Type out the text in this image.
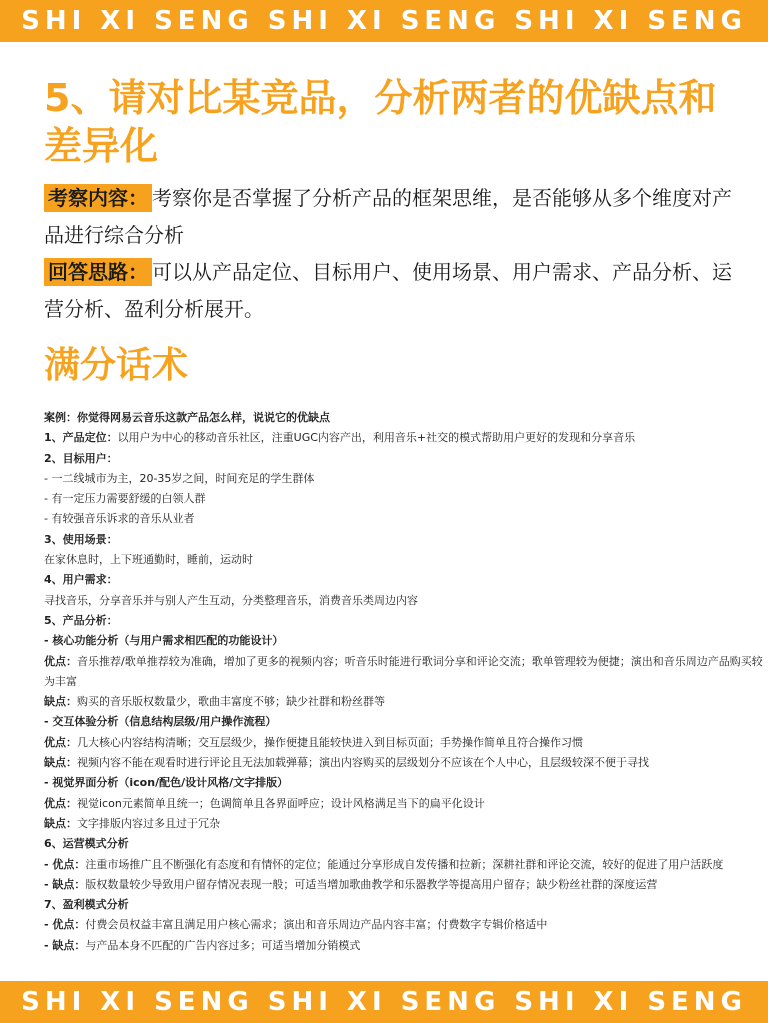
SHI XI SENG SHI XI SENG SHI XI SENG
5、请对比某竞品，分析两者的优缺点和差异化
考察内容： 考察你是否掌握了分析产品的框架思维，是否能够从多个维度对产品进行综合分析
回答思路： 可以从产品定位、目标用户、使用场景、用户需求、产品分析、运营分析、盈利分析展开。
满分话术
案例：你觉得网易云音乐这款产品怎么样，说说它的优缺点
1、产品定位：以用户为中心的移动音乐社区，注重UGC内容产出，利用音乐+社交的模式帮助用户更好的发现和分享音乐
2、目标用户：
- 一二线城市为主，20-35岁之间，时间充足的学生群体
- 有一定压力需要舒缓的白领人群
- 有较强音乐诉求的音乐从业者
3、使用场景：
在家休息时，上下班通勤时，睡前，运动时
4、用户需求：
寻找音乐，分享音乐并与别人产生互动，分类整理音乐，消费音乐类周边内容
5、产品分析：
- 核心功能分析（与用户需求相匹配的功能设计）
优点：音乐推荐/歌单推荐较为准确，增加了更多的视频内容；听音乐时能进行歌词分享和评论交流；歌单管理较为便捷；演出和音乐周边产品购买较为丰富
缺点：购买的音乐版权数量少，歌曲丰富度不够；缺少社群和粉丝群等
- 交互体验分析（信息结构层级/用户操作流程）
优点：几大核心内容结构清晰；交互层级少，操作便捷且能较快进入到目标页面；手势操作简单且符合操作习惯
缺点：视频内容不能在观看时进行评论且无法加载弹幕；演出内容购买的层级划分不应该在个人中心，且层级较深不便于寻找
- 视觉界面分析（icon/配色/设计风格/文字排版）
优点：视觉icon元素简单且统一；色调简单且各界面呼应；设计风格满足当下的扁平化设计
缺点：文字排版内容过多且过于冗杂
6、运营模式分析
- 优点：注重市场推广且不断强化有态度和有情怀的定位；能通过分享形成自发传播和拉新；深耕社群和评论交流，较好的促进了用户活跃度
- 缺点：版权数量较少导致用户留存情况表现一般；可适当增加歌曲教学和乐器教学等提高用户留存；缺少粉丝社群的深度运营
7、盈利模式分析
- 优点：付费会员权益丰富且满足用户核心需求；演出和音乐周边产品内容丰富；付费数字专辑价格适中
- 缺点：与产品本身不匹配的广告内容过多；可适当增加分销模式
SHI XI SENG SHI XI SENG SHI XI SENG
